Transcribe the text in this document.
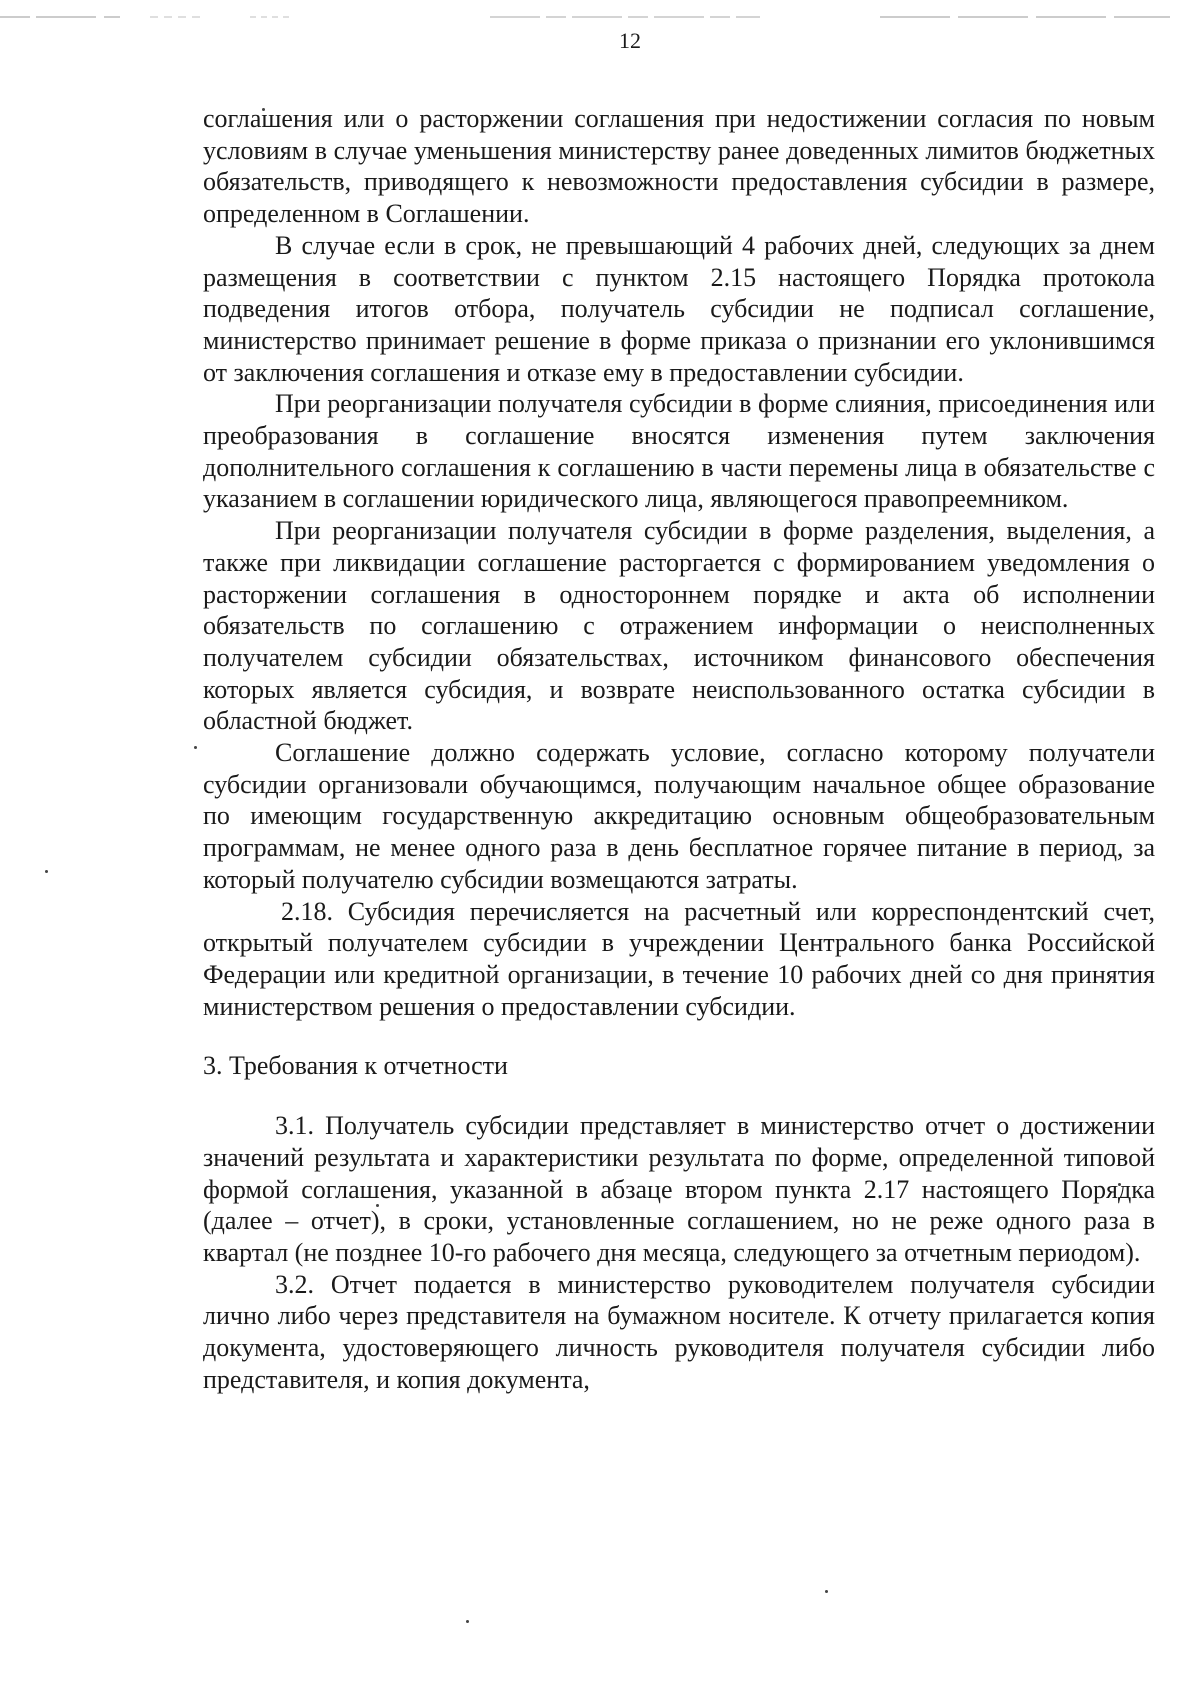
12

соглашения или о расторжении соглашения при недостижении согласия по новым условиям в случае уменьшения министерству ранее доведенных лимитов бюджетных обязательств, приводящего к невозможности предоставления субсидии в размере, определенном в Соглашении.

В случае если в срок, не превышающий 4 рабочих дней, следующих за днем размещения в соответствии с пунктом 2.15 настоящего Порядка протокола подведения итогов отбора, получатель субсидии не подписал соглашение, министерство принимает решение в форме приказа о признании его уклонившимся от заключения соглашения и отказе ему в предоставлении субсидии.

При реорганизации получателя субсидии в форме слияния, присоединения или преобразования в соглашение вносятся изменения путем заключения дополнительного соглашения к соглашению в части перемены лица в обязательстве с указанием в соглашении юридического лица, являющегося правопреемником.

При реорганизации получателя субсидии в форме разделения, выделения, а также при ликвидации соглашение расторгается с формированием уведомления о расторжении соглашения в одностороннем порядке и акта об исполнении обязательств по соглашению с отражением информации о неисполненных получателем субсидии обязательствах, источником финансового обеспечения которых является субсидия, и возврате неиспользованного остатка субсидии в областной бюджет.

Соглашение должно содержать условие, согласно которому получатели субсидии организовали обучающимся, получающим начальное общее образование по имеющим государственную аккредитацию основным общеобразовательным программам, не менее одного раза в день бесплатное горячее питание в период, за который получателю субсидии возмещаются затраты.

2.18. Субсидия перечисляется на расчетный или корреспондентский счет, открытый получателем субсидии в учреждении Центрального банка Российской Федерации или кредитной организации, в течение 10 рабочих дней со дня принятия министерством решения о предоставлении субсидии.

3. Требования к отчетности

3.1. Получатель субсидии представляет в министерство отчет о достижении значений результата и характеристики результата по форме, определенной типовой формой соглашения, указанной в абзаце втором пункта 2.17 настоящего Порядка (далее – отчет), в сроки, установленные соглашением, но не реже одного раза в квартал (не позднее 10-го рабочего дня месяца, следующего за отчетным периодом).

3.2. Отчет подается в министерство руководителем получателя субсидии лично либо через представителя на бумажном носителе. К отчету прилагается копия документа, удостоверяющего личность руководителя получателя субсидии либо представителя, и копия документа,
